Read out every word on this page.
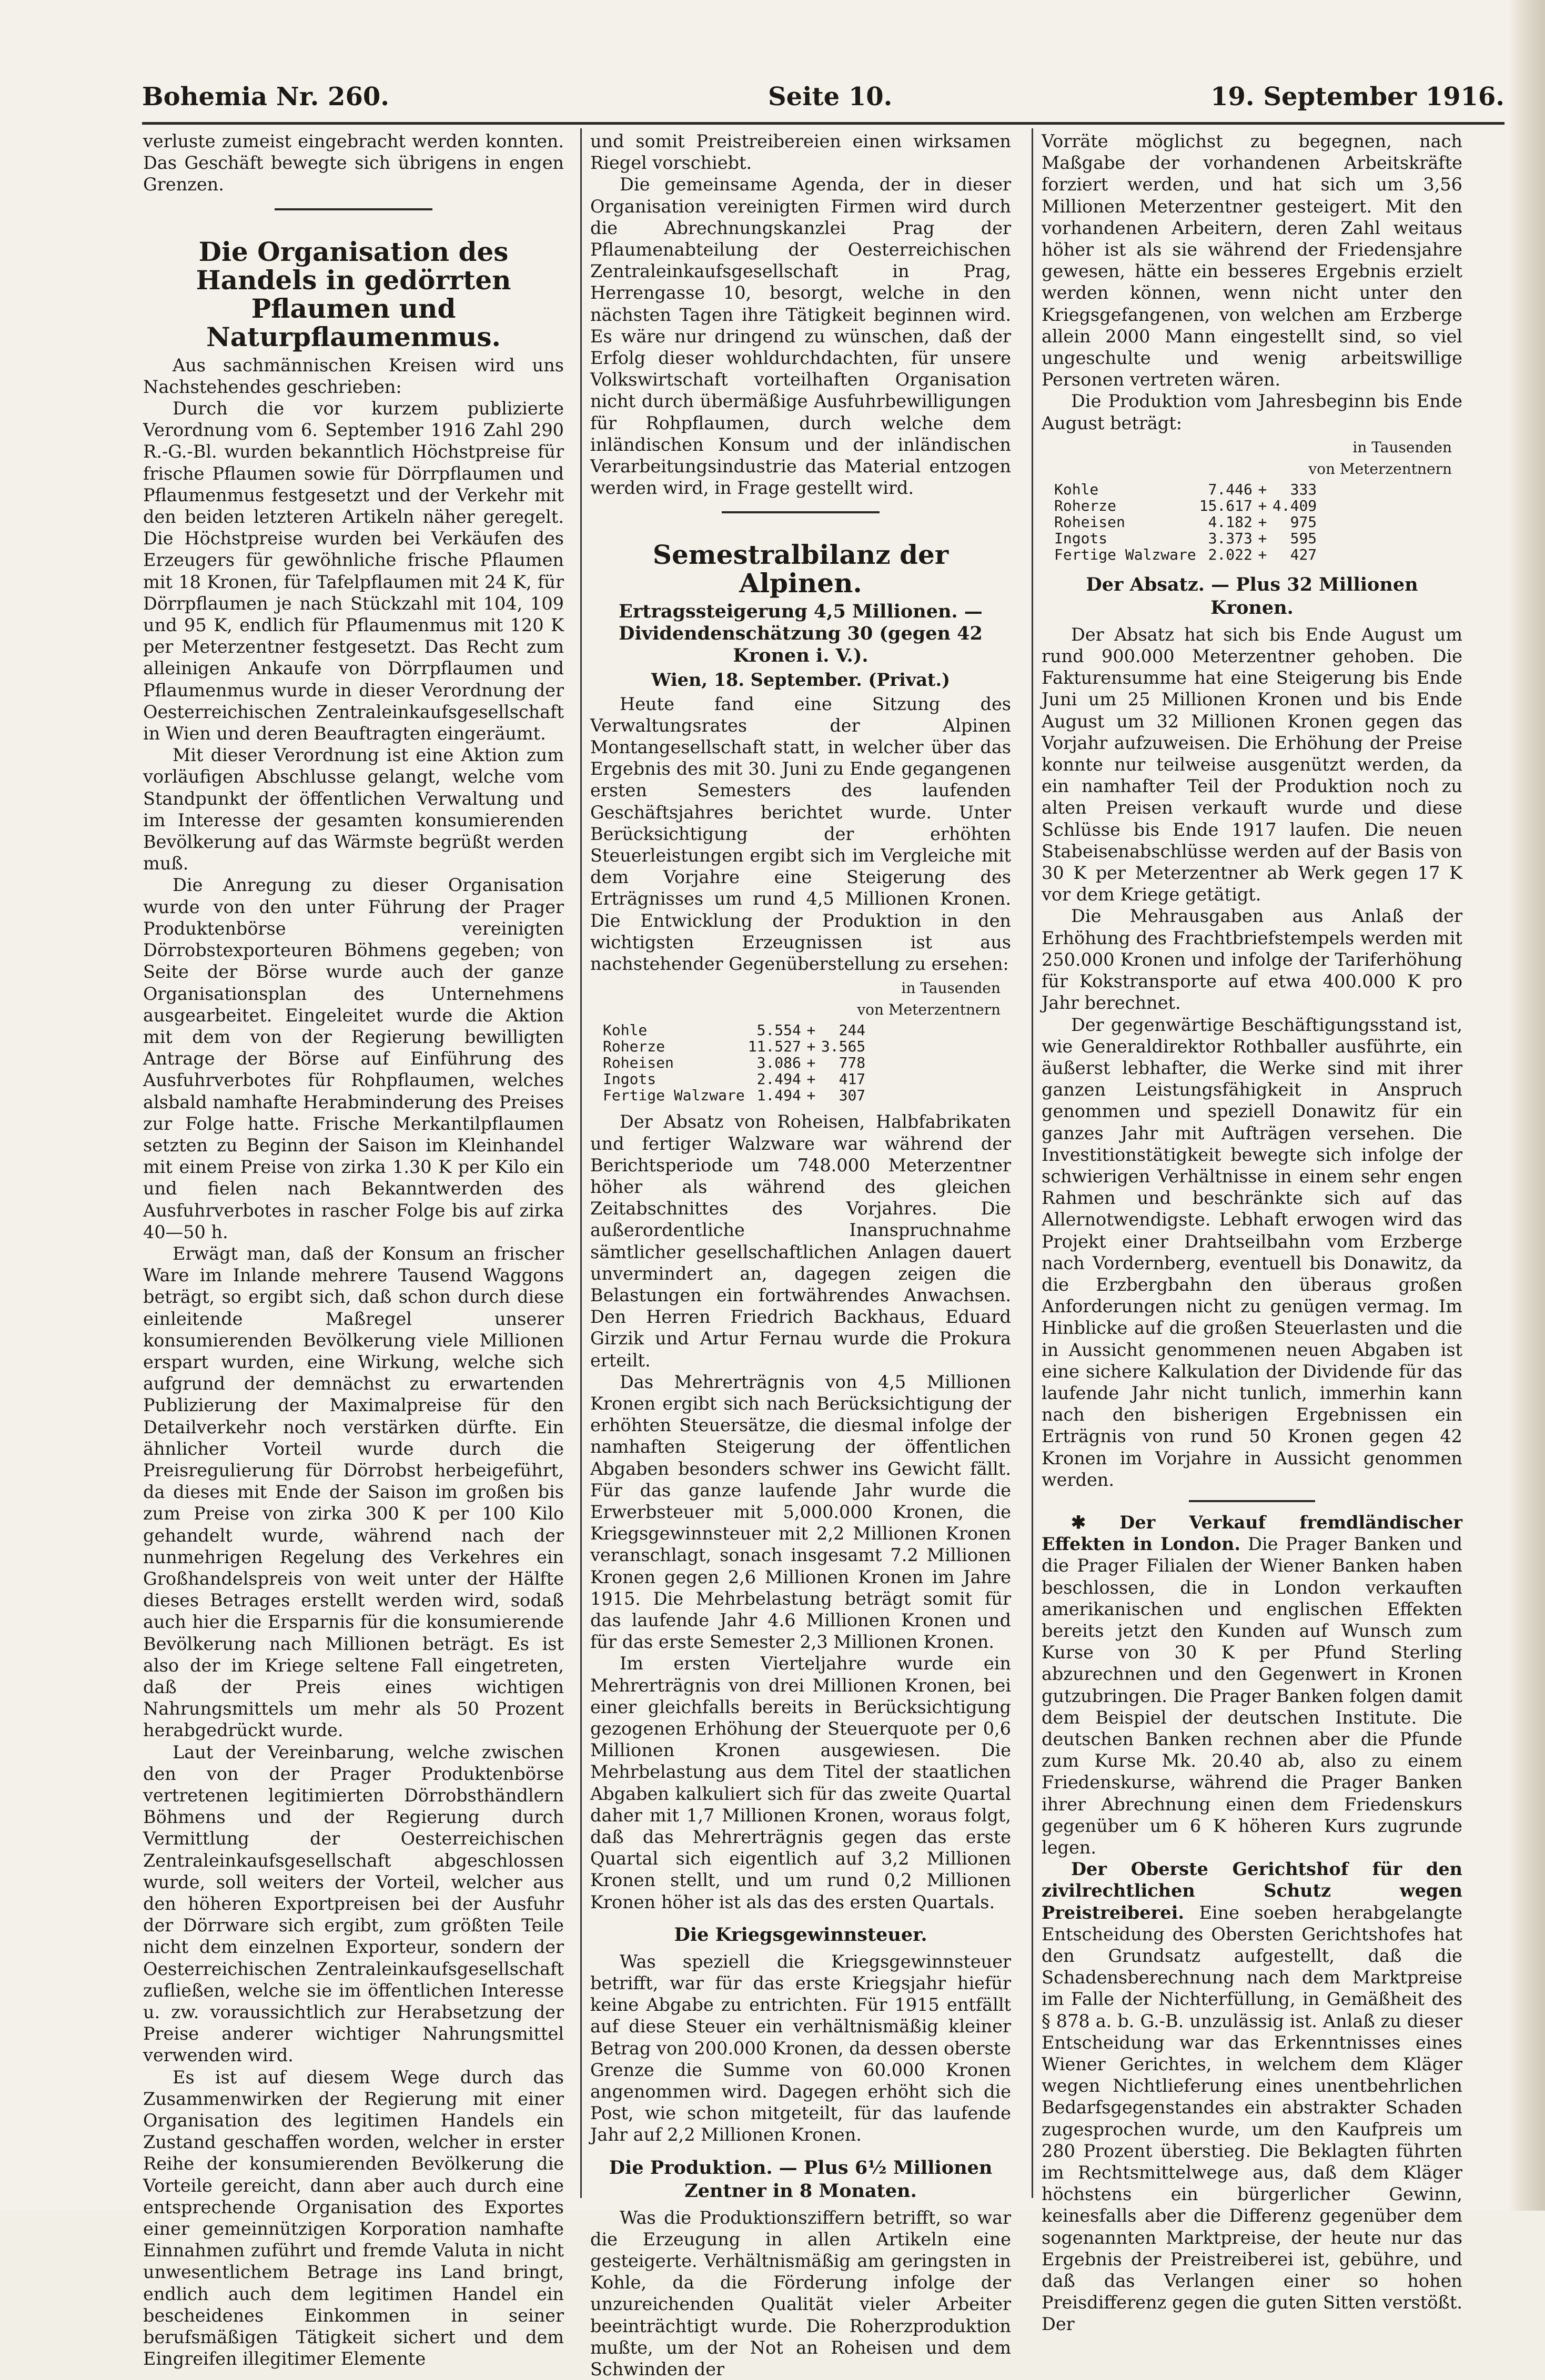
Bohemia Nr. 260.	Seite 10.	19. September 1916.

verluste zumeist eingebracht werden konnten. Das Geschäft bewegte sich übrigens in engen Grenzen.

Die Organisation des Handels in gedörrten Pflaumen und Naturpflaumenmus.

Aus sachmännischen Kreisen wird uns Nachstehendes geschrieben:

Durch die vor kurzem publizierte Verordnung vom 6. September 1916 Zahl 290 R.-G.-Bl. wurden bekanntlich Höchstpreise für frische Pflaumen sowie für Dörrpflaumen und Pflaumenmus festgesetzt und der Verkehr mit den beiden letzteren Artikeln näher geregelt. Die Höchstpreise wurden bei Verkäufen des Erzeugers für gewöhnliche frische Pflaumen mit 18 Kronen, für Tafelpflaumen mit 24 K, für Dörrpflaumen je nach Stückzahl mit 104, 109 und 95 K, endlich für Pflaumenmus mit 120 K per Meterzentner festgesetzt. Das Recht zum alleinigen Ankaufe von Dörrpflaumen und Pflaumenmus wurde in dieser Verordnung der Oesterreichischen Zentraleinkaufsgesellschaft in Wien und deren Beauftragten eingeräumt.

Mit dieser Verordnung ist eine Aktion zum vorläufigen Abschlusse gelangt, welche vom Standpunkt der öffentlichen Verwaltung und im Interesse der gesamten konsumierenden Bevölkerung auf das Wärmste begrüßt werden muß.

Die Anregung zu dieser Organisation wurde von den unter Führung der Prager Produktenbörse vereinigten Dörrobstexporteuren Böhmens gegeben; von Seite der Börse wurde auch der ganze Organisationsplan des Unternehmens ausgearbeitet. Eingeleitet wurde die Aktion mit dem von der Regierung bewilligten Antrage der Börse auf Einführung des Ausfuhrverbotes für Rohpflaumen, welches alsbald namhafte Herabminderung des Preises zur Folge hatte. Frische Merkantilpflaumen setzten zu Beginn der Saison im Kleinhandel mit einem Preise von zirka 1.30 K per Kilo ein und fielen nach Bekanntwerden des Ausfuhrverbotes in rascher Folge bis auf zirka 40—50 h.

Erwägt man, daß der Konsum an frischer Ware im Inlande mehrere Tausend Waggons beträgt, so ergibt sich, daß schon durch diese einleitende Maßregel unserer konsumierenden Bevölkerung viele Millionen erspart wurden, eine Wirkung, welche sich aufgrund der demnächst zu erwartenden Publizierung der Maximalpreise für den Detailverkehr noch verstärken dürfte. Ein ähnlicher Vorteil wurde durch die Preisregulierung für Dörrobst herbeigeführt, da dieses mit Ende der Saison im großen bis zum Preise von zirka 300 K per 100 Kilo gehandelt wurde, während nach der nunmehrigen Regelung des Verkehres ein Großhandelspreis von weit unter der Hälfte dieses Betrages erstellt werden wird, sodaß auch hier die Ersparnis für die konsumierende Bevölkerung nach Millionen beträgt. Es ist also der im Kriege seltene Fall eingetreten, daß der Preis eines wichtigen Nahrungsmittels um mehr als 50 Prozent herabgedrückt wurde.

Laut der Vereinbarung, welche zwischen den von der Prager Produktenbörse vertretenen legitimierten Dörrobsthändlern Böhmens und der Regierung durch Vermittlung der Oesterreichischen Zentraleinkaufsgesellschaft abgeschlossen wurde, soll weiters der Vorteil, welcher aus den höheren Exportpreisen bei der Ausfuhr der Dörrware sich ergibt, zum größten Teile nicht dem einzelnen Exporteur, sondern der Oesterreichischen Zentraleinkaufsgesellschaft zufließen, welche sie im öffentlichen Interesse u. zw. voraussichtlich zur Herabsetzung der Preise anderer wichtiger Nahrungsmittel verwenden wird.

Es ist auf diesem Wege durch das Zusammenwirken der Regierung mit einer Organisation des legitimen Handels ein Zustand geschaffen worden, welcher in erster Reihe der konsumierenden Bevölkerung die Vorteile gereicht, dann aber auch durch eine entsprechende Organisation des Exportes einer gemeinnützigen Korporation namhafte Einnahmen zuführt und fremde Valuta in nicht unwesentlichem Betrage ins Land bringt, endlich auch dem legitimen Handel ein bescheidenes Einkommen in seiner berufsmäßigen Tätigkeit sichert und dem Eingreifen illegitimer Elemente

und somit Preistreibereien einen wirksamen Riegel vorschiebt.

Die gemeinsame Agenda, der in dieser Organisation vereinigten Firmen wird durch die Abrechnungskanzlei Prag der Pflaumenabteilung der Oesterreichischen Zentraleinkaufsgesellschaft in Prag, Herrengasse 10, besorgt, welche in den nächsten Tagen ihre Tätigkeit beginnen wird. Es wäre nur dringend zu wünschen, daß der Erfolg dieser wohldurchdachten, für unsere Volkswirtschaft vorteilhaften Organisation nicht durch übermäßige Ausfuhrbewilligungen für Rohpflaumen, durch welche dem inländischen Konsum und der inländischen Verarbeitungsindustrie das Material entzogen werden wird, in Frage gestellt wird.

Semestralbilanz der Alpinen.
Ertragssteigerung 4,5 Millionen. — Dividendenschätzung 30 (gegen 42 Kronen i. V.).
Wien, 18. September. (Privat.)

Heute fand eine Sitzung des Verwaltungsrates der Alpinen Montangesellschaft statt, in welcher über das Ergebnis des mit 30. Juni zu Ende gegangenen ersten Semesters des laufenden Geschäftsjahres berichtet wurde. Unter Berücksichtigung der erhöhten Steuerleistungen ergibt sich im Vergleiche mit dem Vorjahre eine Steigerung des Erträgnisses um rund 4,5 Millionen Kronen. Die Entwicklung der Produktion in den wichtigsten Erzeugnissen ist aus nachstehender Gegenüberstellung zu ersehen:

in Tausenden
von Meterzentnern
Kohle	5.554	+	244
Roherze	11.527	+	3.565
Roheisen	3.086	+	778
Ingots	2.494	+	417
Fertige Walzware	1.494	+	307

Der Absatz von Roheisen, Halbfabrikaten und fertiger Walzware war während der Berichtsperiode um 748.000 Meterzentner höher als während des gleichen Zeitabschnittes des Vorjahres. Die außerordentliche Inanspruchnahme sämtlicher gesellschaftlichen Anlagen dauert unvermindert an, dagegen zeigen die Belastungen ein fortwährendes Anwachsen. Den Herren Friedrich Backhaus, Eduard Girzik und Artur Fernau wurde die Prokura erteilt.

Das Mehrerträgnis von 4,5 Millionen Kronen ergibt sich nach Berücksichtigung der erhöhten Steuersätze, die diesmal infolge der namhaften Steigerung der öffentlichen Abgaben besonders schwer ins Gewicht fällt. Für das ganze laufende Jahr wurde die Erwerbsteuer mit 5,000.000 Kronen, die Kriegsgewinnsteuer mit 2,2 Millionen Kronen veranschlagt, sonach insgesamt 7.2 Millionen Kronen gegen 2,6 Millionen Kronen im Jahre 1915. Die Mehrbelastung beträgt somit für das laufende Jahr 4.6 Millionen Kronen und für das erste Semester 2,3 Millionen Kronen.

Im ersten Vierteljahre wurde ein Mehrerträgnis von drei Millionen Kronen, bei einer gleichfalls bereits in Berücksichtigung gezogenen Erhöhung der Steuerquote per 0,6 Millionen Kronen ausgewiesen. Die Mehrbelastung aus dem Titel der staatlichen Abgaben kalkuliert sich für das zweite Quartal daher mit 1,7 Millionen Kronen, woraus folgt, daß das Mehrerträgnis gegen das erste Quartal sich eigentlich auf 3,2 Millionen Kronen stellt, und um rund 0,2 Millionen Kronen höher ist als das des ersten Quartals.

Die Kriegsgewinnsteuer.

Was speziell die Kriegsgewinnsteuer betrifft, war für das erste Kriegsjahr hiefür keine Abgabe zu entrichten. Für 1915 entfällt auf diese Steuer ein verhältnismäßig kleiner Betrag von 200.000 Kronen, da dessen oberste Grenze die Summe von 60.000 Kronen angenommen wird. Dagegen erhöht sich die Post, wie schon mitgeteilt, für das laufende Jahr auf 2,2 Millionen Kronen.

Die Produktion. — Plus 6½ Millionen Zentner in 8 Monaten.

Was die Produktionsziffern betrifft, so war die Erzeugung in allen Artikeln eine gesteigerte. Verhältnismäßig am geringsten in Kohle, da die Förderung infolge der unzureichenden Qualität vieler Arbeiter beeinträchtigt wurde. Die Roherzproduktion mußte, um der Not an Roheisen und dem Schwinden der

Vorräte möglichst zu begegnen, nach Maßgabe der vorhandenen Arbeitskräfte forziert werden, und hat sich um 3,56 Millionen Meterzentner gesteigert. Mit den vorhandenen Arbeitern, deren Zahl weitaus höher ist als sie während der Friedensjahre gewesen, hätte ein besseres Ergebnis erzielt werden können, wenn nicht unter den Kriegsgefangenen, von welchen am Erzberge allein 2000 Mann eingestellt sind, so viel ungeschulte und wenig arbeitswillige Personen vertreten wären.

Die Produktion vom Jahresbeginn bis Ende August beträgt:

in Tausenden
von Meterzentnern
Kohle	7.446	+	333
Roherze	15.617	+	4.409
Roheisen	4.182	+	975
Ingots	3.373	+	595
Fertige Walzware	2.022	+	427
Der Absatz. — Plus 32 Millionen Kronen.

Der Absatz hat sich bis Ende August um rund 900.000 Meterzentner gehoben. Die Fakturensumme hat eine Steigerung bis Ende Juni um 25 Millionen Kronen und bis Ende August um 32 Millionen Kronen gegen das Vorjahr aufzuweisen. Die Erhöhung der Preise konnte nur teilweise ausgenützt werden, da ein namhafter Teil der Produktion noch zu alten Preisen verkauft wurde und diese Schlüsse bis Ende 1917 laufen. Die neuen Stabeisenabschlüsse werden auf der Basis von 30 K per Meterzentner ab Werk gegen 17 K vor dem Kriege getätigt.

Die Mehrausgaben aus Anlaß der Erhöhung des Frachtbriefstempels werden mit 250.000 Kronen und infolge der Tariferhöhung für Kokstransporte auf etwa 400.000 K pro Jahr berechnet.

Der gegenwärtige Beschäftigungsstand ist, wie Generaldirektor Rothballer ausführte, ein äußerst lebhafter, die Werke sind mit ihrer ganzen Leistungsfähigkeit in Anspruch genommen und speziell Donawitz für ein ganzes Jahr mit Aufträgen versehen. Die Investitionstätigkeit bewegte sich infolge der schwierigen Verhältnisse in einem sehr engen Rahmen und beschränkte sich auf das Allernotwendigste. Lebhaft erwogen wird das Projekt einer Drahtseilbahn vom Erzberge nach Vordernberg, eventuell bis Donawitz, da die Erzbergbahn den überaus großen Anforderungen nicht zu genügen vermag. Im Hinblicke auf die großen Steuerlasten und die in Aussicht genommenen neuen Abgaben ist eine sichere Kalkulation der Dividende für das laufende Jahr nicht tunlich, immerhin kann nach den bisherigen Ergebnissen ein Erträgnis von rund 50 Kronen gegen 42 Kronen im Vorjahre in Aussicht genommen werden.

✱ Der Verkauf fremdländischer Effekten in London. Die Prager Banken und die Prager Filialen der Wiener Banken haben beschlossen, die in London verkauften amerikanischen und englischen Effekten bereits jetzt den Kunden auf Wunsch zum Kurse von 30 K per Pfund Sterling abzurechnen und den Gegenwert in Kronen gutzubringen. Die Prager Banken folgen damit dem Beispiel der deutschen Institute. Die deutschen Banken rechnen aber die Pfunde zum Kurse Mk. 20.40 ab, also zu einem Friedenskurse, während die Prager Banken ihrer Abrechnung einen dem Friedenskurs gegenüber um 6 K höheren Kurs zugrunde legen.

Der Oberste Gerichtshof für den zivilrechtlichen Schutz wegen Preistreiberei. Eine soeben herabgelangte Entscheidung des Obersten Gerichtshofes hat den Grundsatz aufgestellt, daß die Schadensberechnung nach dem Marktpreise im Falle der Nichterfüllung, in Gemäßheit des § 878 a. b. G.-B. unzulässig ist. Anlaß zu dieser Entscheidung war das Erkenntnisses eines Wiener Gerichtes, in welchem dem Kläger wegen Nichtlieferung eines unentbehrlichen Bedarfsgegenstandes ein abstrakter Schaden zugesprochen wurde, um den Kaufpreis um 280 Prozent überstieg. Die Beklagten führten im Rechtsmittelwege aus, daß dem Kläger höchstens ein bürgerlicher Gewinn, keinesfalls aber die Differenz gegenüber dem sogenannten Marktpreise, der heute nur das Ergebnis der Preistreiberei ist, gebühre, und daß das Verlangen einer so hohen Preisdifferenz gegen die guten Sitten verstößt. Der
